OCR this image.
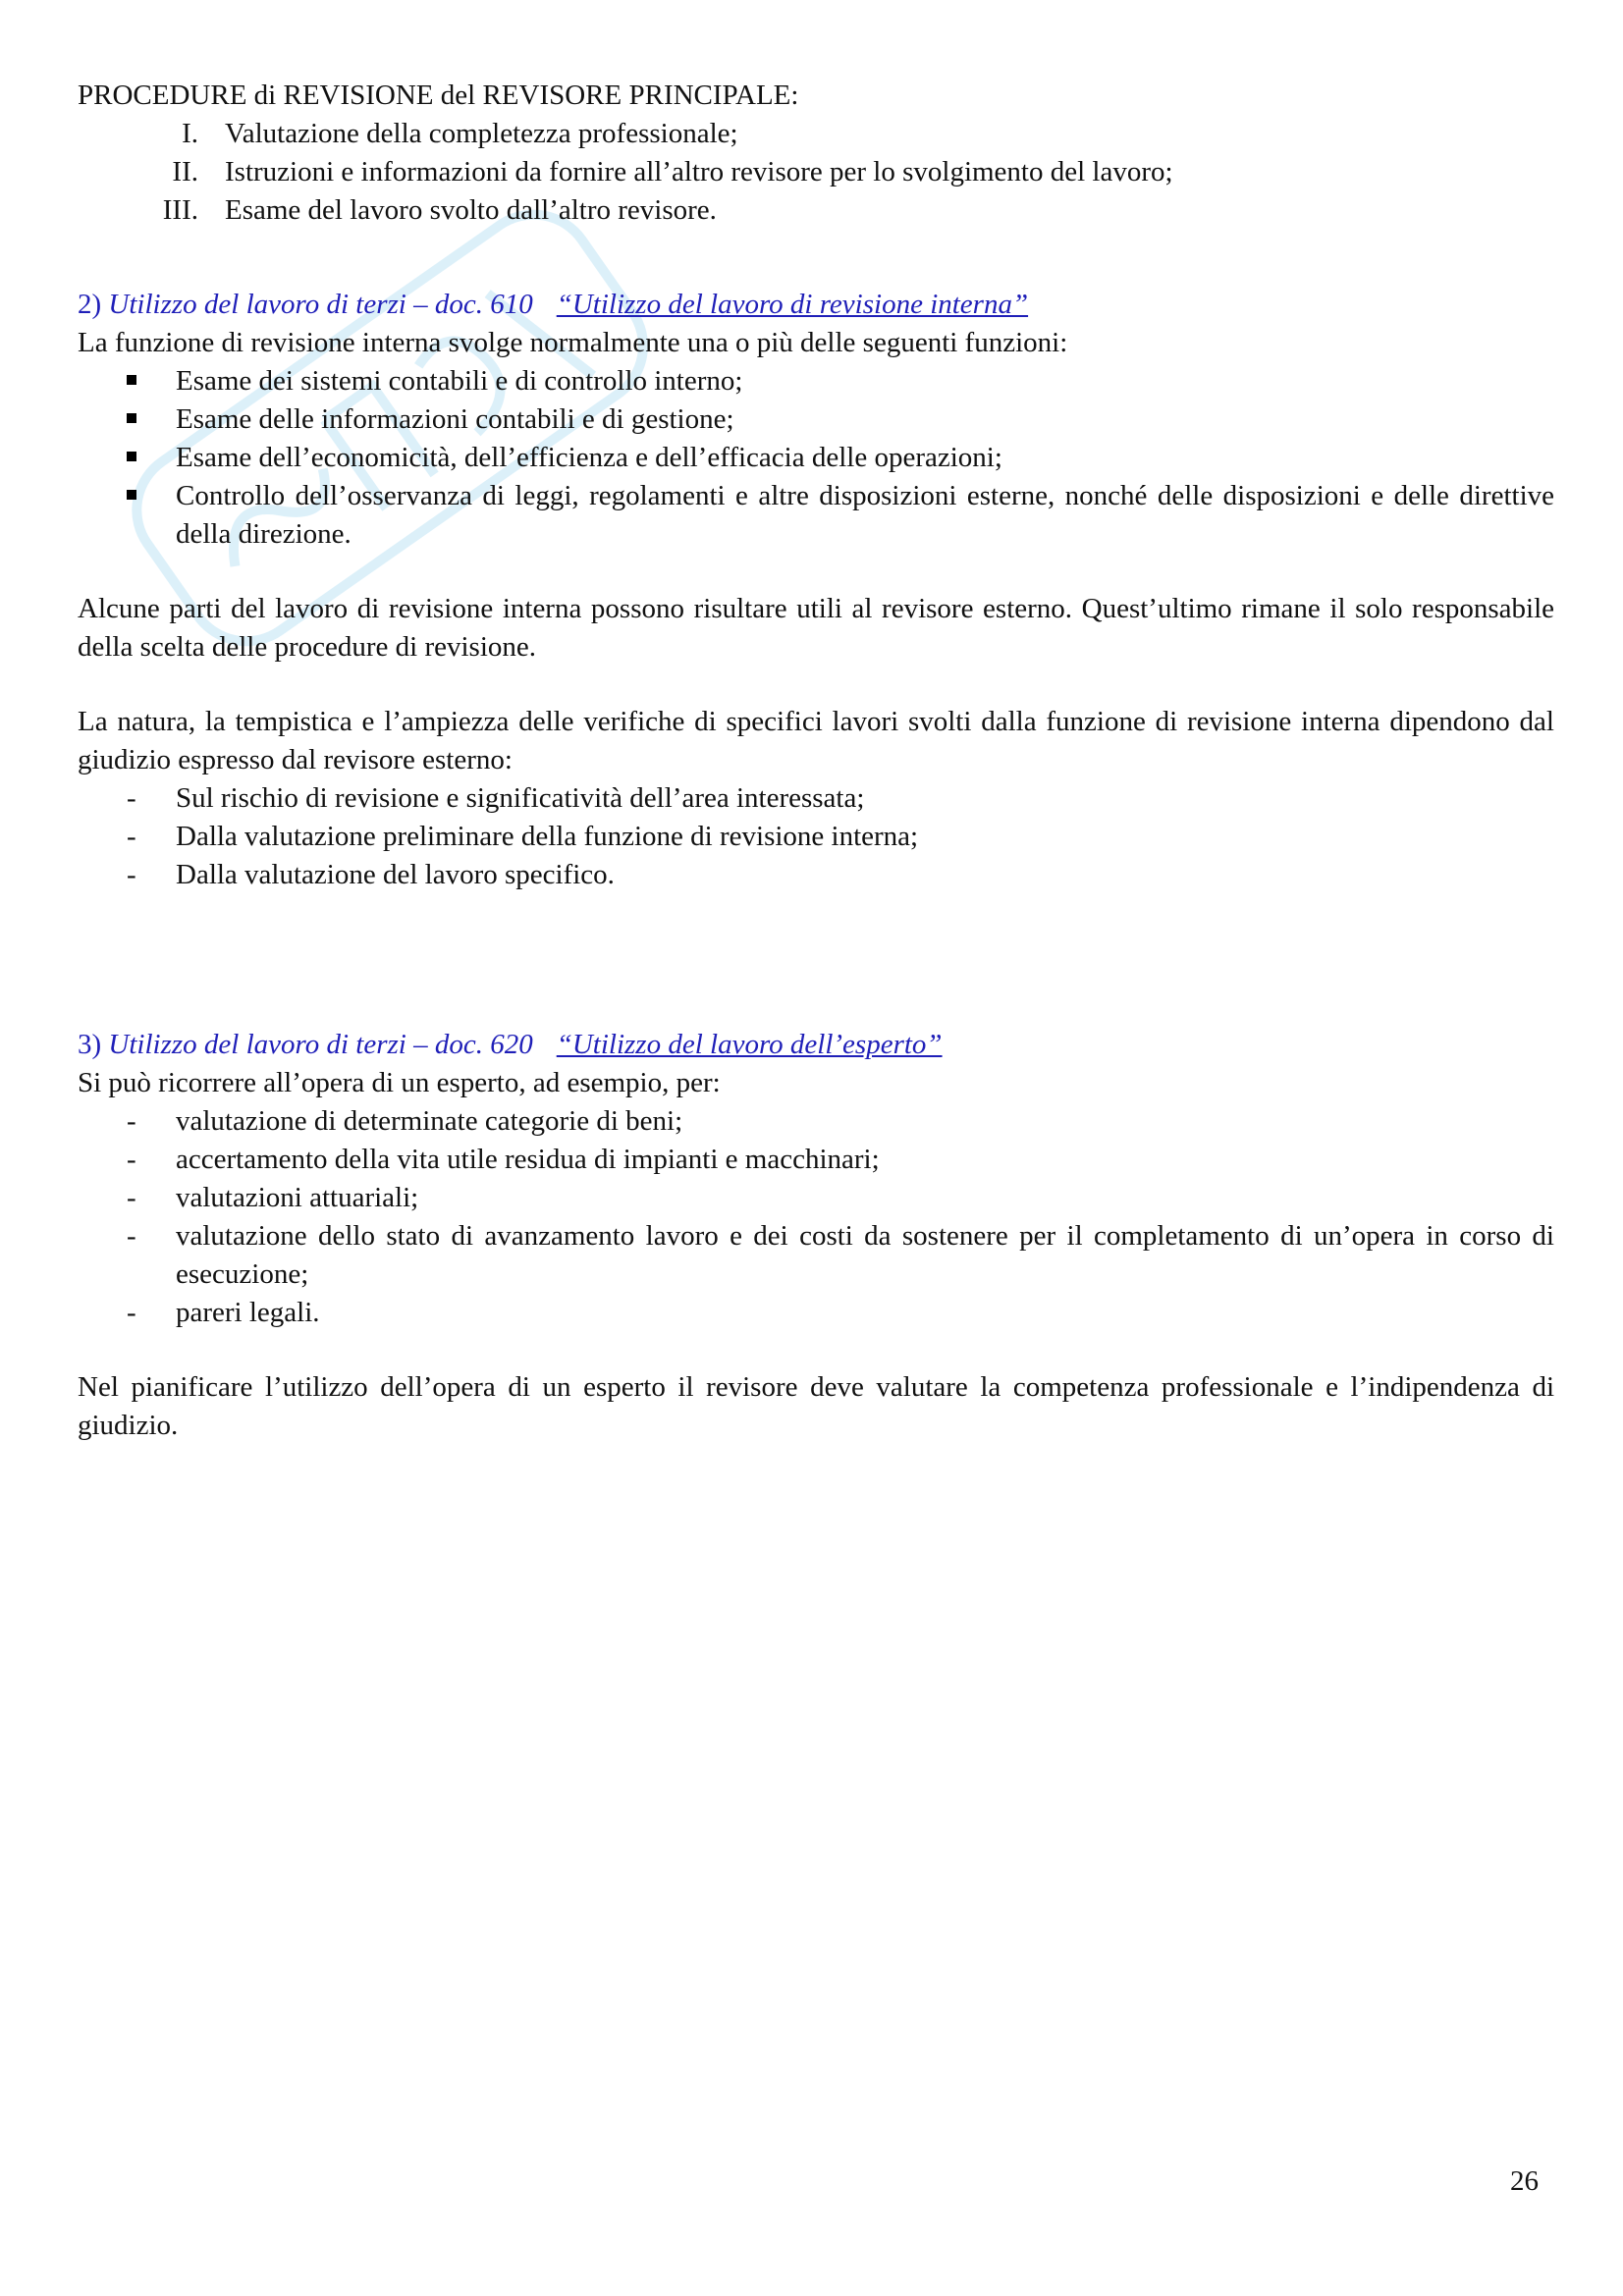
PROCEDURE di REVISIONE del REVISORE PRINCIPALE:

I. Valutazione della completezza professionale;
II. Istruzioni e informazioni da fornire all’altro revisore per lo svolgimento del lavoro;
III. Esame del lavoro svolto dall’altro revisore.

2) Utilizzo del lavoro di terzi – doc. 610 “Utilizzo del lavoro di revisione interna”

La funzione di revisione interna svolge normalmente una o più delle seguenti funzioni:

Esame dei sistemi contabili e di controllo interno;
Esame delle informazioni contabili e di gestione;
Esame dell’economicità, dell’efficienza e dell’efficacia delle operazioni;
Controllo dell’osservanza di leggi, regolamenti e altre disposizioni esterne, nonché delle disposizioni e delle direttive della direzione.

Alcune parti del lavoro di revisione interna possono risultare utili al revisore esterno. Quest’ultimo rimane il solo responsabile della scelta delle procedure di revisione.

La natura, la tempistica e l’ampiezza delle verifiche di specifici lavori svolti dalla funzione di revisione interna dipendono dal giudizio espresso dal revisore esterno:

-	Sul rischio di revisione e significatività dell’area interessata;
-	Dalla valutazione preliminare della funzione di revisione interna;
-	Dalla valutazione del lavoro specifico.

3) Utilizzo del lavoro di terzi – doc. 620 “Utilizzo del lavoro dell’esperto”

Si può ricorrere all’opera di un esperto, ad esempio, per:

-	valutazione di determinate categorie di beni;
-	accertamento della vita utile residua di impianti e macchinari;
-	valutazioni attuariali;
-	valutazione dello stato di avanzamento lavoro e dei costi da sostenere per il completamento di un’opera in corso di esecuzione;
-	pareri legali.

Nel pianificare l’utilizzo dell’opera di un esperto il revisore deve valutare la competenza professionale e l’indipendenza di giudizio.

26
